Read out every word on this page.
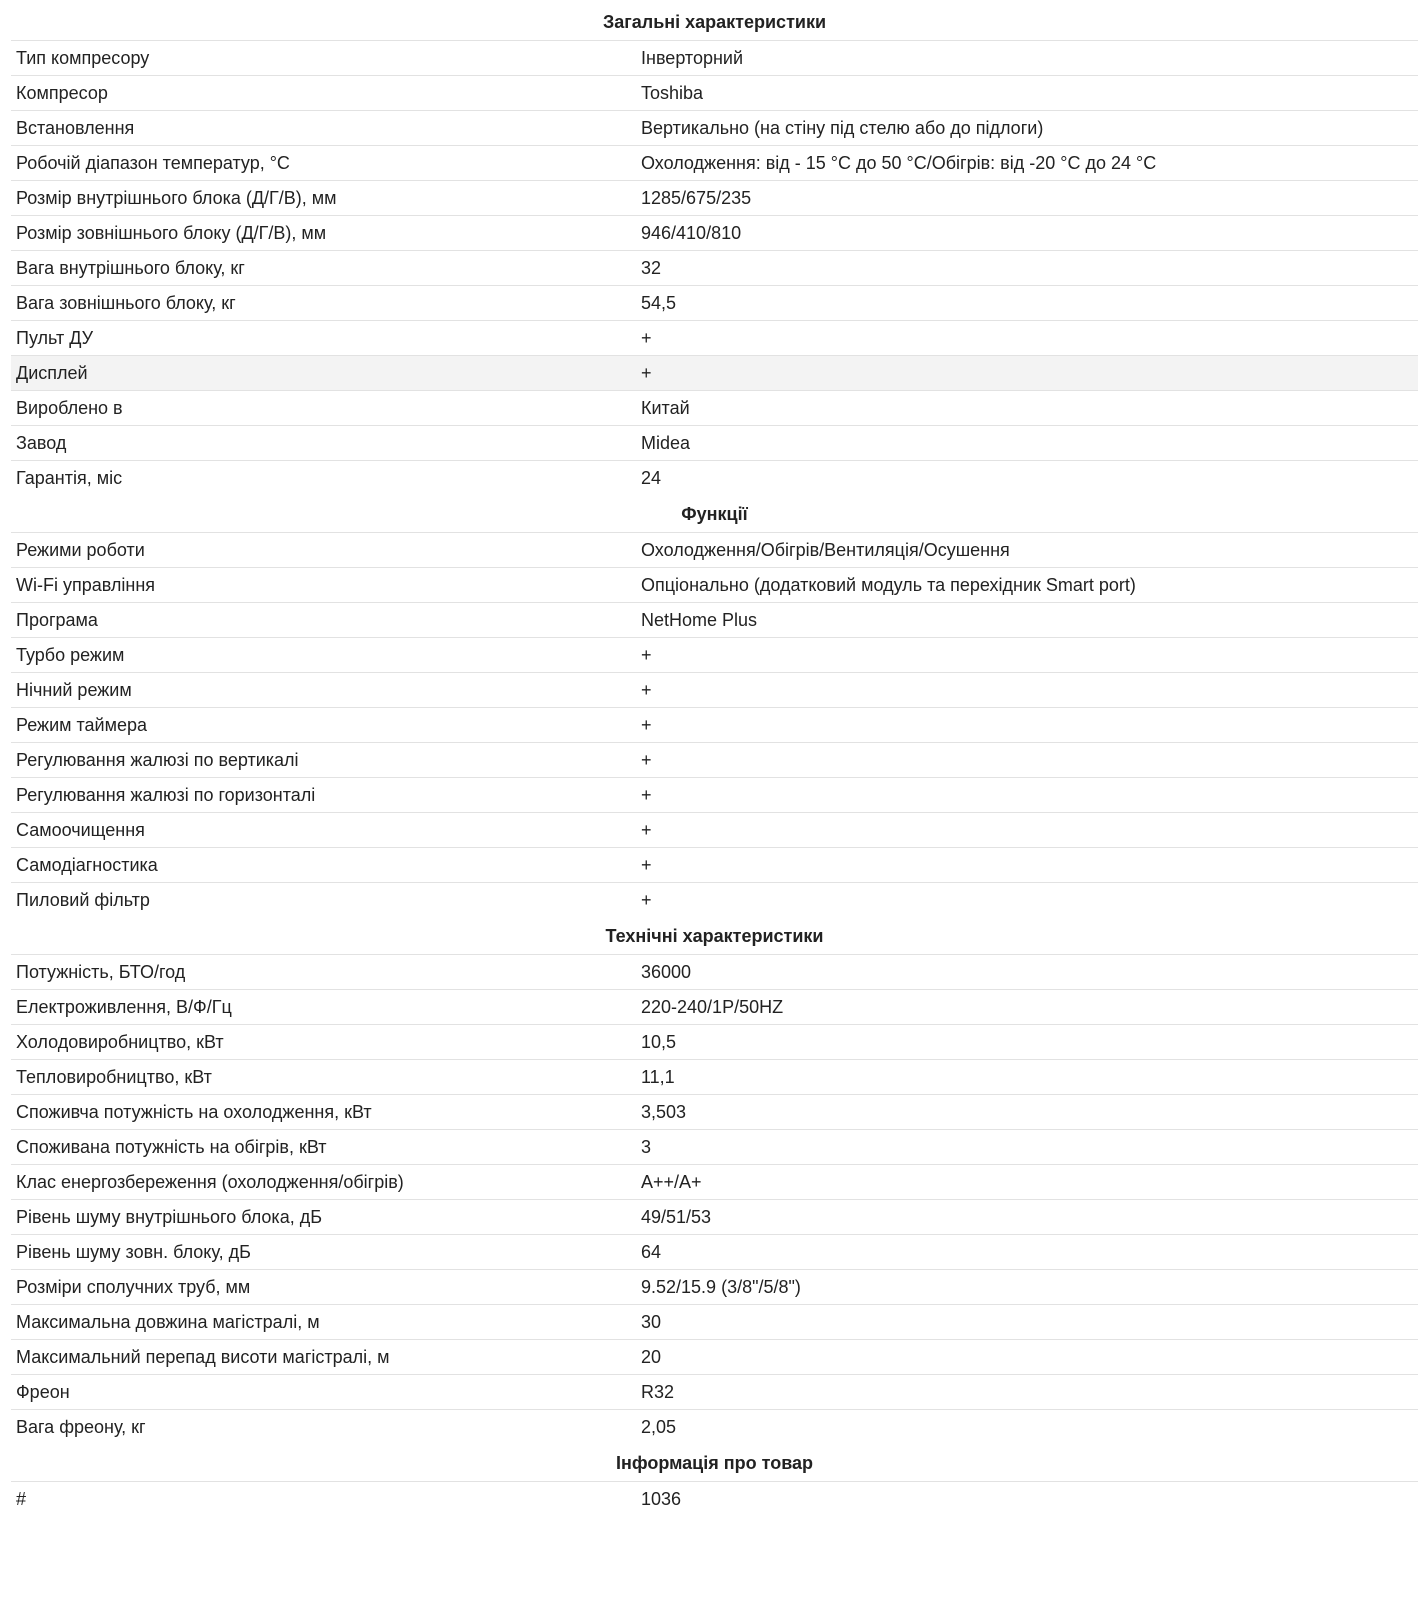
Загальні характеристики
Тип компресору	Інверторний
Компресор	Toshiba
Встановлення	Вертикально (на стіну під стелю або до підлоги)
Робочій діапазон температур, °C	Охолодження: від - 15 °C до 50 °C/Обігрів: від -20 °C до 24 °C
Розмір внутрішнього блока (Д/Г/В), мм	1285/675/235
Розмір зовнішнього блоку (Д/Г/В), мм	946/410/810
Вага внутрішнього блоку, кг	32
Вага зовнішнього блоку, кг	54,5
Пульт ДУ	+
Дисплей	+
Вироблено в	Китай
Завод	Midea
Гарантія, міс	24
Функції
Режими роботи	Охолодження/Обігрів/Вентиляція/Осушення
Wi-Fi управління	Опціонально (додатковий модуль та перехідник Smart port)
Програма	NetHome Plus
Турбо режим	+
Нічний режим	+
Режим таймера	+
Регулювання жалюзі по вертикалі	+
Регулювання жалюзі по горизонталі	+
Самоочищення	+
Самодіагностика	+
Пиловий фільтр	+
Технічні характеристики
Потужність, БТО/год	36000
Електроживлення, В/Ф/Гц	220-240/1P/50HZ
Холодовиробництво, кВт	10,5
Тепловиробництво, кВт	11,1
Споживча потужність на охолодження, кВт	3,503
Споживана потужність на обігрів, кВт	3
Клас енергозбереження (охолодження/обігрів)	A++/A+
Рівень шуму внутрішнього блока, дБ	49/51/53
Рівень шуму зовн. блоку, дБ	64
Розміри сполучних труб, мм	9.52/15.9 (3/8"/5/8")
Максимальна довжина магістралі, м	30
Максимальний перепад висоти магістралі, м	20
Фреон	R32
Вага фреону, кг	2,05
Інформація про товар
#	1036
